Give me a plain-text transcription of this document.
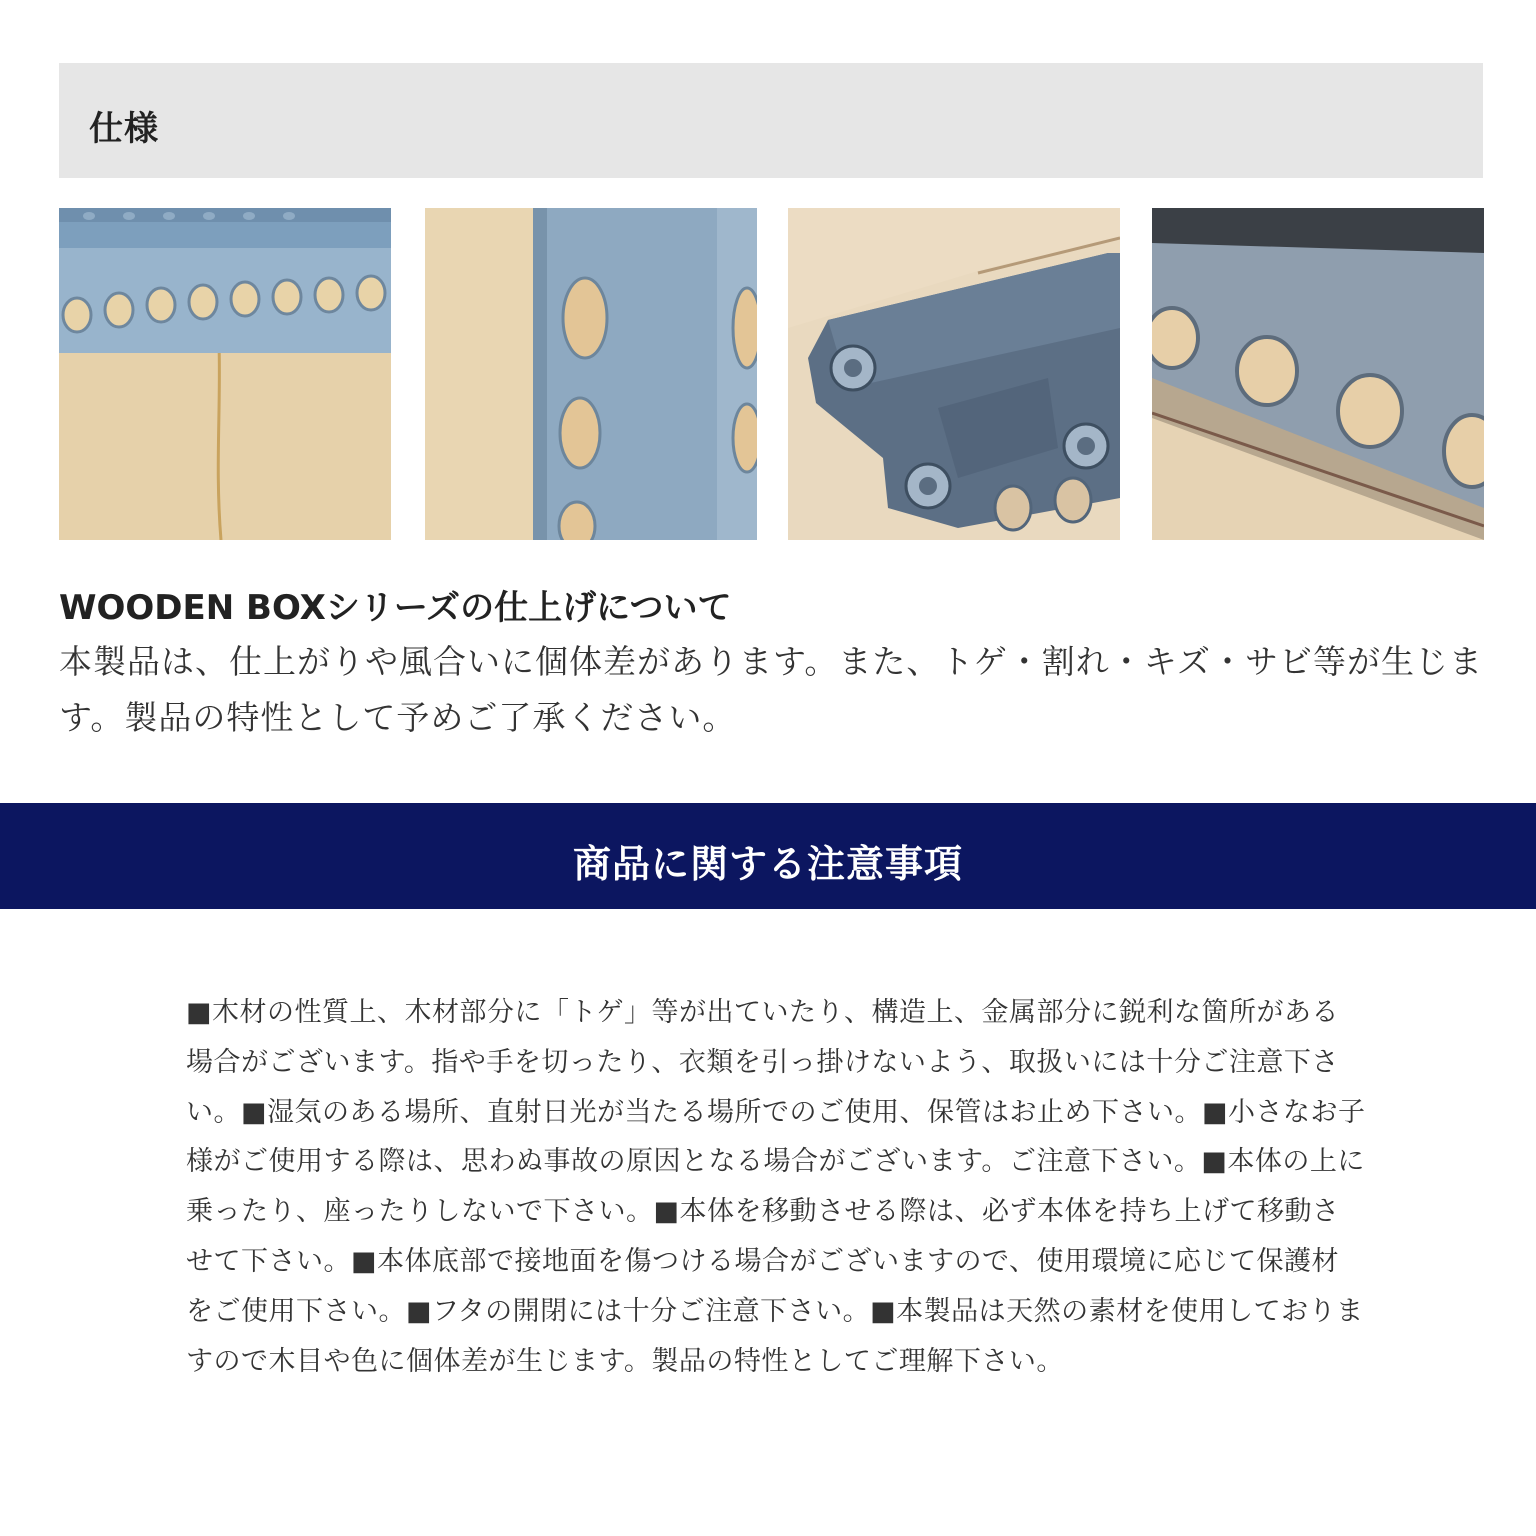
仕様
WOODEN BOXシリーズの仕上げについて
本製品は、仕上がりや風合いに個体差があります。また、トゲ・割れ・キズ・サビ等が生じます。製品の特性として予めご了承ください。
商品に関する注意事項
■木材の性質上、木材部分に「トゲ」等が出ていたり、構造上、金属部分に鋭利な箇所がある場合がございます。指や手を切ったり、衣類を引っ掛けないよう、取扱いには十分ご注意下さい。■湿気のある場所、直射日光が当たる場所でのご使用、保管はお止め下さい。■小さなお子様がご使用する際は、思わぬ事故の原因となる場合がございます。ご注意下さい。■本体の上に乗ったり、座ったりしないで下さい。■本体を移動させる際は、必ず本体を持ち上げて移動させて下さい。■本体底部で接地面を傷つける場合がございますので、使用環境に応じて保護材をご使用下さい。■フタの開閉には十分ご注意下さい。■本製品は天然の素材を使用しておりますので木目や色に個体差が生じます。製品の特性としてご理解下さい。
